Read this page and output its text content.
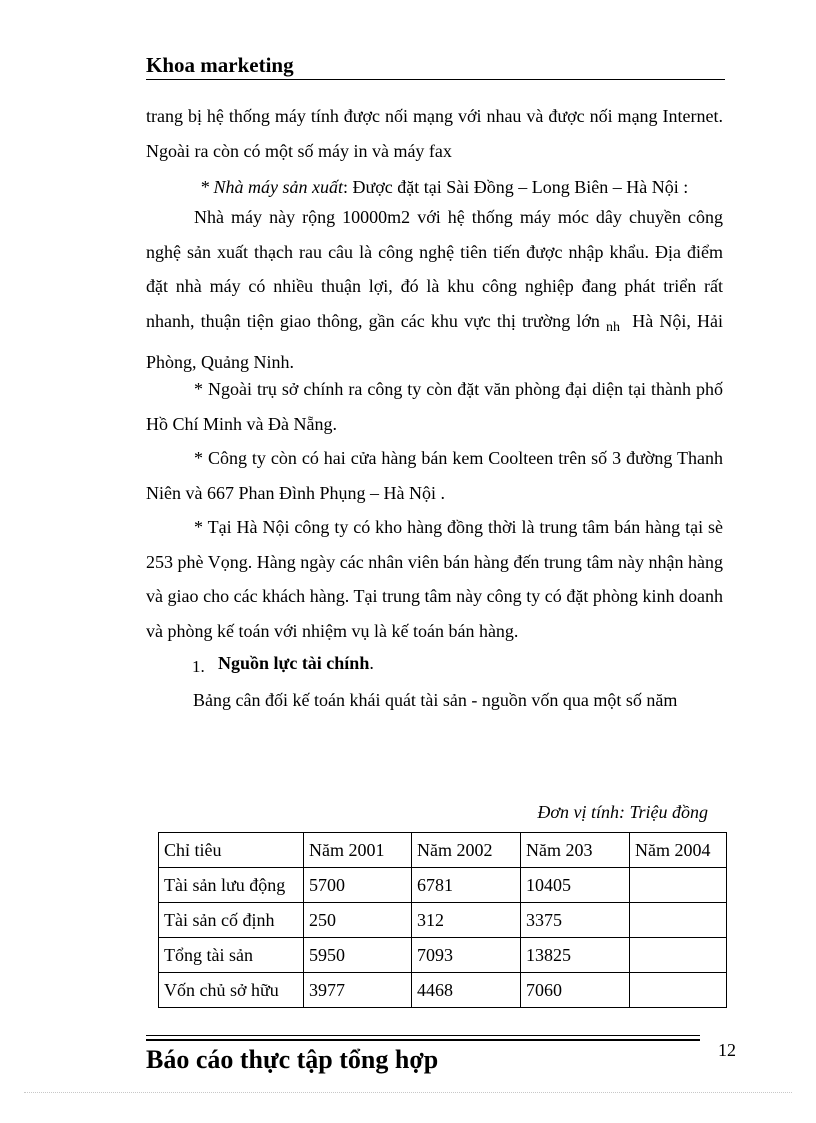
Khoa marketing
trang bị hệ thống máy tính được nối mạng với nhau và được nối mạng Internet. Ngoài ra còn có một số máy in và máy fax
* Nhà máy sản xuất: Được đặt tại Sài Đồng – Long Biên – Hà Nội :
Nhà máy này rộng 10000m2 với hệ thống máy móc dây chuyền công nghệ sản xuất thạch rau câu là công nghệ tiên tiến được nhập khẩu. Địa điểm đặt nhà máy có nhiều thuận lợi, đó là khu công nghiệp đang phát triển rất nhanh, thuận tiện giao thông, gần các khu vực thị trường lớn $_{nh}$ Hà Nội, Hải Phòng, Quảng Ninh.
* Ngoài trụ sở chính ra công ty còn đặt văn phòng đại diện tại thành phố Hồ Chí Minh và Đà Nẵng.
* Công ty còn có hai cửa hàng bán kem Coolteen trên số 3 đường Thanh Niên và 667 Phan Đình Phụng – Hà Nội .
* Tại Hà Nội công ty có kho hàng đồng thời là trung tâm bán hàng tại sè 253 phè Vọng. Hàng ngày các nhân viên bán hàng đến trung tâm này nhận hàng và giao cho các khách hàng. Tại trung tâm này công ty có đặt phòng kinh doanh và phòng kế toán với nhiệm vụ là kế toán bán hàng.
1. Nguồn lực tài chính.
Bảng cân đối kế toán khái quát tài sản - nguồn vốn qua một số năm
Đơn vị tính: Triệu đồng
Chỉ tiêu	Năm 2001	Năm 2002	Năm 203	Năm 2004
Tài sản lưu động	5700	6781	10405	
Tài sản cố định	250	312	3375	
Tổng tài sản	5950	7093	13825	
Vốn chủ sở hữu	3977	4468	7060	
Báo cáo thực tập tổng hợp	12
